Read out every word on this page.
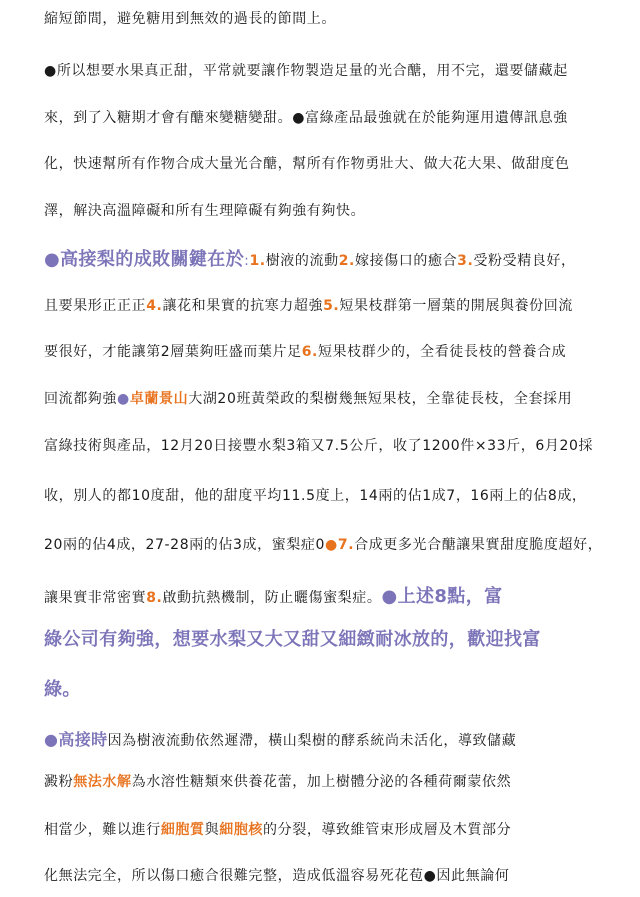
縮短節間，避免糖用到無效的過長的節間上。
●所以想要水果真正甜，平常就要讓作物製造足量的光合醣，用不完，還要儲藏起
來，到了入糖期才會有醣來變糖變甜。●富綠產品最強就在於能夠運用遺傳訊息強
化，快速幫所有作物合成大量光合醣，幫所有作物勇壯大、做大花大果、做甜度色
澤，解決高溫障礙和所有生理障礙有夠強有夠快。
●高接梨的成敗關鍵在於:1.樹液的流動2.嫁接傷口的癒合3.受粉受精良好，
且要果形正正正4.讓花和果實的抗寒力超強5.短果枝群第一層葉的開展與養份回流
要很好，才能讓第2層葉夠旺盛而葉片足6.短果枝群少的，全看徒長枝的營養合成
回流都夠強●卓蘭景山大湖20班黃榮政的梨樹幾無短果枝，全靠徒長枝，全套採用
富綠技術與產品，12月20日接豐水梨3箱又7.5公斤，收了1200件×33斤，6月20採
收，別人的都10度甜，他的甜度平均11.5度上，14兩的佔1成7，16兩上的佔8成，
20兩的佔4成，27-28兩的佔3成，蜜梨症0●7.合成更多光合醣讓果實甜度脆度超好，
讓果實非常密實8.啟動抗熱機制，防止曬傷蜜梨症。●上述8點，富
綠公司有夠強，想要水梨又大又甜又細緻耐冰放的，歡迎找富
綠。
●高接時因為樹液流動依然遲滯，橫山梨樹的酵系統尚未活化，導致儲藏
澱粉無法水解為水溶性糖類來供養花蕾，加上樹體分泌的各種荷爾蒙依然
相當少，難以進行細胞質與細胞核的分裂，導致維管束形成層及木質部分
化無法完全，所以傷口癒合很難完整，造成低溫容易死花苞●因此無論何
